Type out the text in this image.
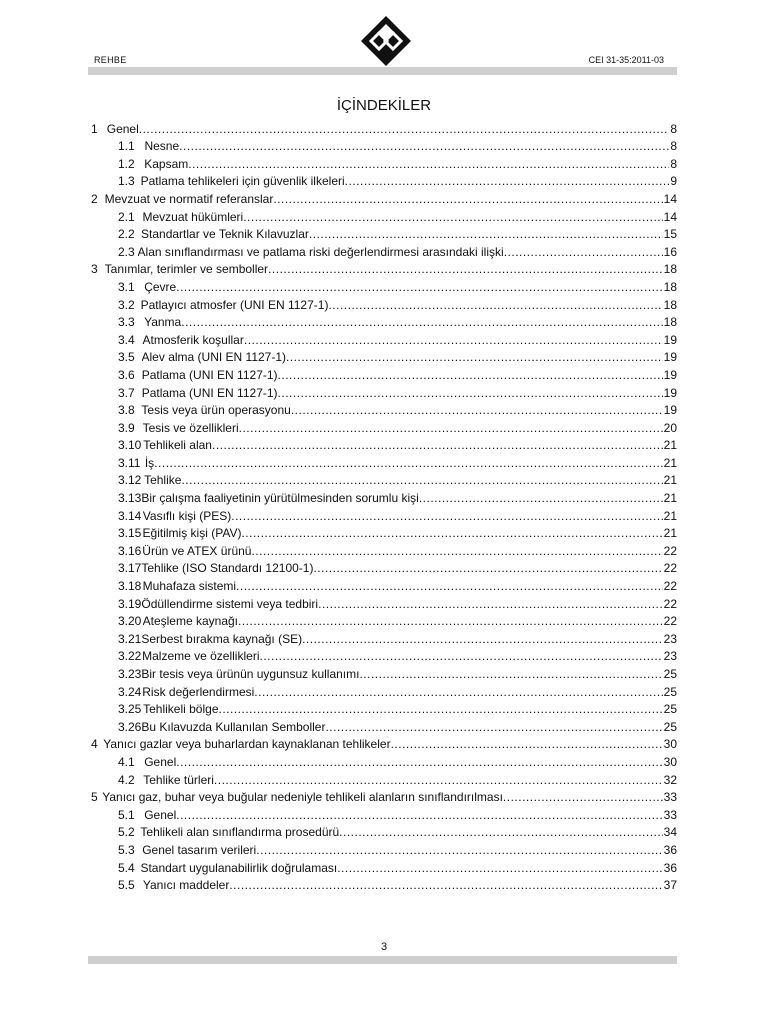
REHBE	CEI 31-35:2011-03
İÇİNDEKİLER
1 Genel .....	8
1.1 Nesne .....	8
1.2 Kapsam .....	8
1.3 Patlama tehlikeleri için güvenlik ilkeleri .....	9
2 Mevzuat ve normatif referanslar .....	14
2.1 Mevzuat hükümleri .....	14
2.2 Standartlar ve Teknik Kılavuzlar .....	15
2.3 Alan sınıflandırması ve patlama riski değerlendirmesi arasındaki ilişki .....	16
3 Tanımlar, terimler ve semboller .....	18
3.1 Çevre .....	18
3.2 Patlayıcı atmosfer (UNI EN 1127-1) .....	18
3.3 Yanma .....	18
3.4 Atmosferik koşullar .....	19
3.5 Alev alma (UNI EN 1127-1) .....	19
3.6 Patlama (UNI EN 1127-1) .....	19
3.7 Patlama (UNI EN 1127-1) .....	19
3.8 Tesis veya ürün operasyonu .....	19
3.9 Tesis ve özellikleri .....	20
3.10 Tehlikeli alan .....	21
3.11 İş .....	21
3.12 Tehlike .....	21
3.13 Bir çalışma faaliyetinin yürütülmesinden sorumlu kişi .....	21
3.14 Vasıflı kişi (PES) .....	21
3.15 Eğitilmiş kişi (PAV) .....	21
3.16 Ürün ve ATEX ürünü .....	22
3.17 Tehlike (ISO Standardı 12100-1) .....	22
3.18 Muhafaza sistemi .....	22
3.19 Ödüllendirme sistemi veya tedbiri .....	22
3.20 Ateşleme kaynağı .....	22
3.21 Serbest bırakma kaynağı (SE) .....	23
3.22 Malzeme ve özellikleri .....	23
3.23 Bir tesis veya ürünün uygunsuz kullanımı .....	25
3.24 Risk değerlendirmesi .....	25
3.25 Tehlikeli bölge .....	25
3.26 Bu Kılavuzda Kullanılan Semboller .....	25
4 Yanıcı gazlar veya buharlardan kaynaklanan tehlikeler .....	30
4.1 Genel .....	30
4.2 Tehlike türleri .....	32
5 Yanıcı gaz, buhar veya buğular nedeniyle tehlikeli alanların sınıflandırılması .....	33
5.1 Genel .....	33
5.2 Tehlikeli alan sınıflandırma prosedürü .....	34
5.3 Genel tasarım verileri .....	36
5.4 Standart uygulanabilirlik doğrulaması .....	36
5.5 Yanıcı maddeler .....	37
3
